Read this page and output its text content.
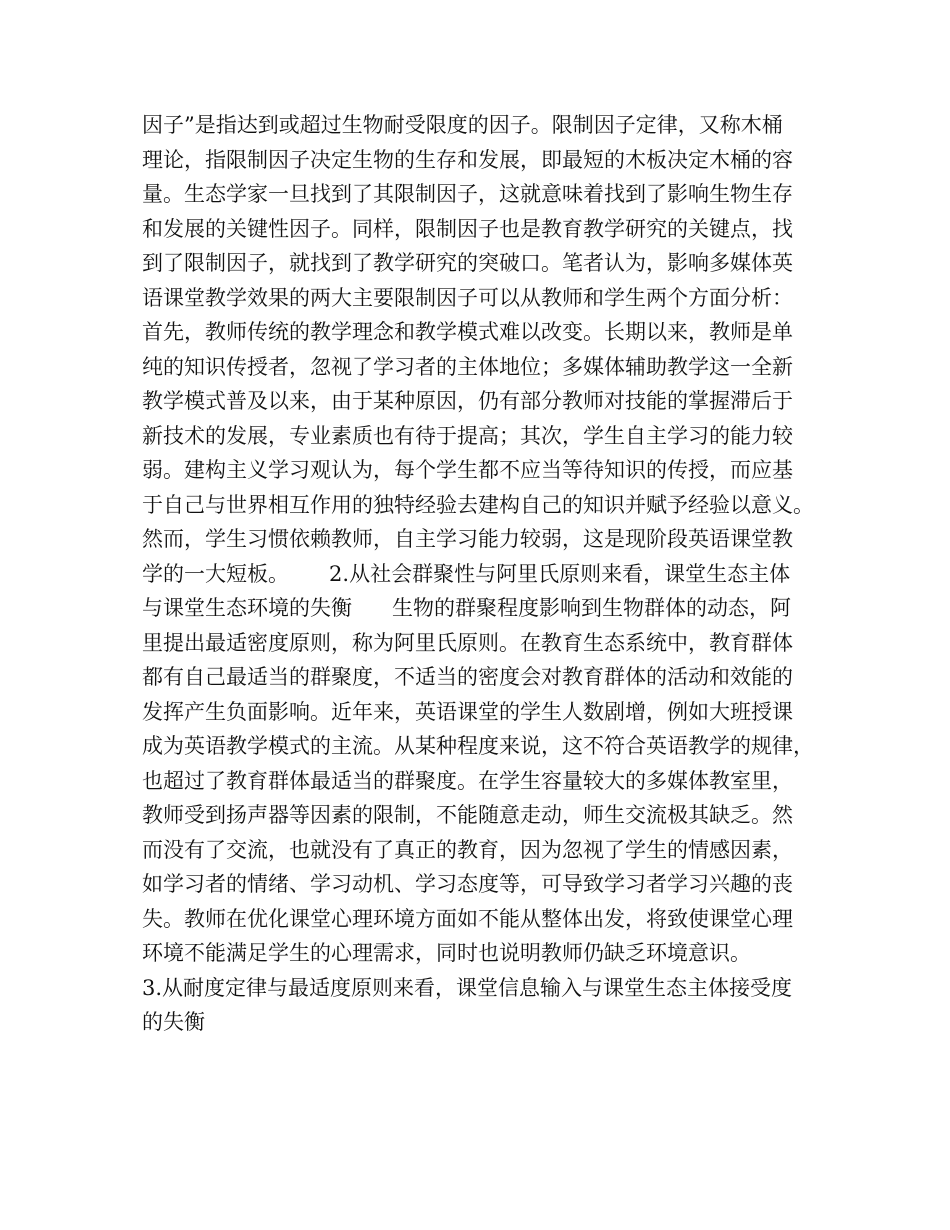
因子”是指达到或超过生物耐受限度的因子。限制因子定律，又称木桶
理论，指限制因子决定生物的生存和发展，即最短的木板决定木桶的容
量。生态学家一旦找到了其限制因子，这就意味着找到了影响生物生存
和发展的关键性因子。同样，限制因子也是教育教学研究的关键点，找
到了限制因子，就找到了教学研究的突破口。笔者认为，影响多媒体英
语课堂教学效果的两大主要限制因子可以从教师和学生两个方面分析：
首先，教师传统的教学理念和教学模式难以改变。长期以来，教师是单
纯的知识传授者，忽视了学习者的主体地位；多媒体辅助教学这一全新
教学模式普及以来，由于某种原因，仍有部分教师对技能的掌握滞后于
新技术的发展，专业素质也有待于提高；其次，学生自主学习的能力较
弱。建构主义学习观认为，每个学生都不应当等待知识的传授，而应基
于自己与世界相互作用的独特经验去建构自己的知识并赋予经验以意义。
然而，学生习惯依赖教师，自主学习能力较弱，这是现阶段英语课堂教
学的一大短板。      2.从社会群聚性与阿里氏原则来看，课堂生态主体
与课堂生态环境的失衡      生物的群聚程度影响到生物群体的动态，阿
里提出最适密度原则，称为阿里氏原则。在教育生态系统中，教育群体
都有自己最适当的群聚度，不适当的密度会对教育群体的活动和效能的
发挥产生负面影响。近年来，英语课堂的学生人数剧增，例如大班授课
成为英语教学模式的主流。从某种程度来说，这不符合英语教学的规律，
也超过了教育群体最适当的群聚度。在学生容量较大的多媒体教室里，
教师受到扬声器等因素的限制，不能随意走动，师生交流极其缺乏。然
而没有了交流，也就没有了真正的教育，因为忽视了学生的情感因素，
如学习者的情绪、学习动机、学习态度等，可导致学习者学习兴趣的丧
失。教师在优化课堂心理环境方面如不能从整体出发，将致使课堂心理
环境不能满足学生的心理需求，同时也说明教师仍缺乏环境意识。
3.从耐度定律与最适度原则来看，课堂信息输入与课堂生态主体接受度
的失衡
